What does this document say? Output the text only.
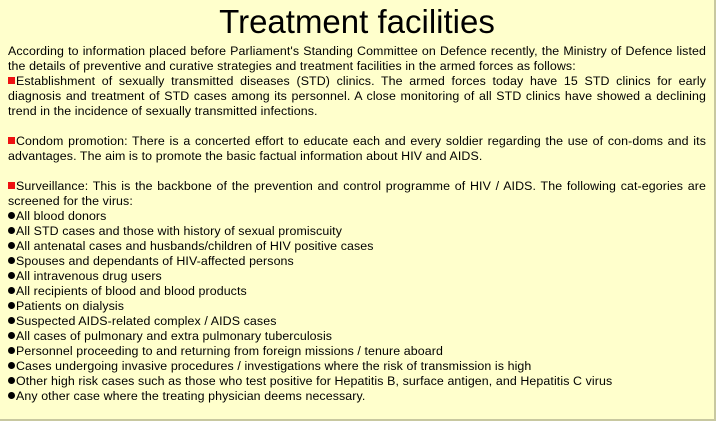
Treatment facilities

According to information placed before Parliament's Standing Committee on Defence recently, the Ministry of Defence listed the details of preventive and curative strategies and treatment facilities in the armed forces as follows:

Establishment of sexually transmitted diseases (STD) clinics. The armed forces today have 15 STD clinics for early diagnosis and treatment of STD cases among its personnel. A close monitoring of all STD clinics have showed a declining trend in the incidence of sexually transmitted infections.

Condom promotion: There is a concerted effort to educate each and every soldier regarding the use of con-doms and its advantages. The aim is to promote the basic factual information about HIV and AIDS.

Surveillance: This is the backbone of the prevention and control programme of HIV / AIDS. The following cat-egories are screened for the virus:

All blood donors
All STD cases and those with history of sexual promiscuity
All antenatal cases and husbands/children of HIV positive cases
Spouses and dependants of HIV-affected persons
All intravenous drug users
All recipients of blood and blood products
Patients on dialysis
Suspected AIDS-related complex / AIDS cases
All cases of pulmonary and extra pulmonary tuberculosis
Personnel proceeding to and returning from foreign missions / tenure aboard
Cases undergoing invasive procedures / investigations where the risk of transmission is high
Other high risk cases such as those who test positive for Hepatitis B, surface antigen, and Hepatitis C virus
Any other case where the treating physician deems necessary.
